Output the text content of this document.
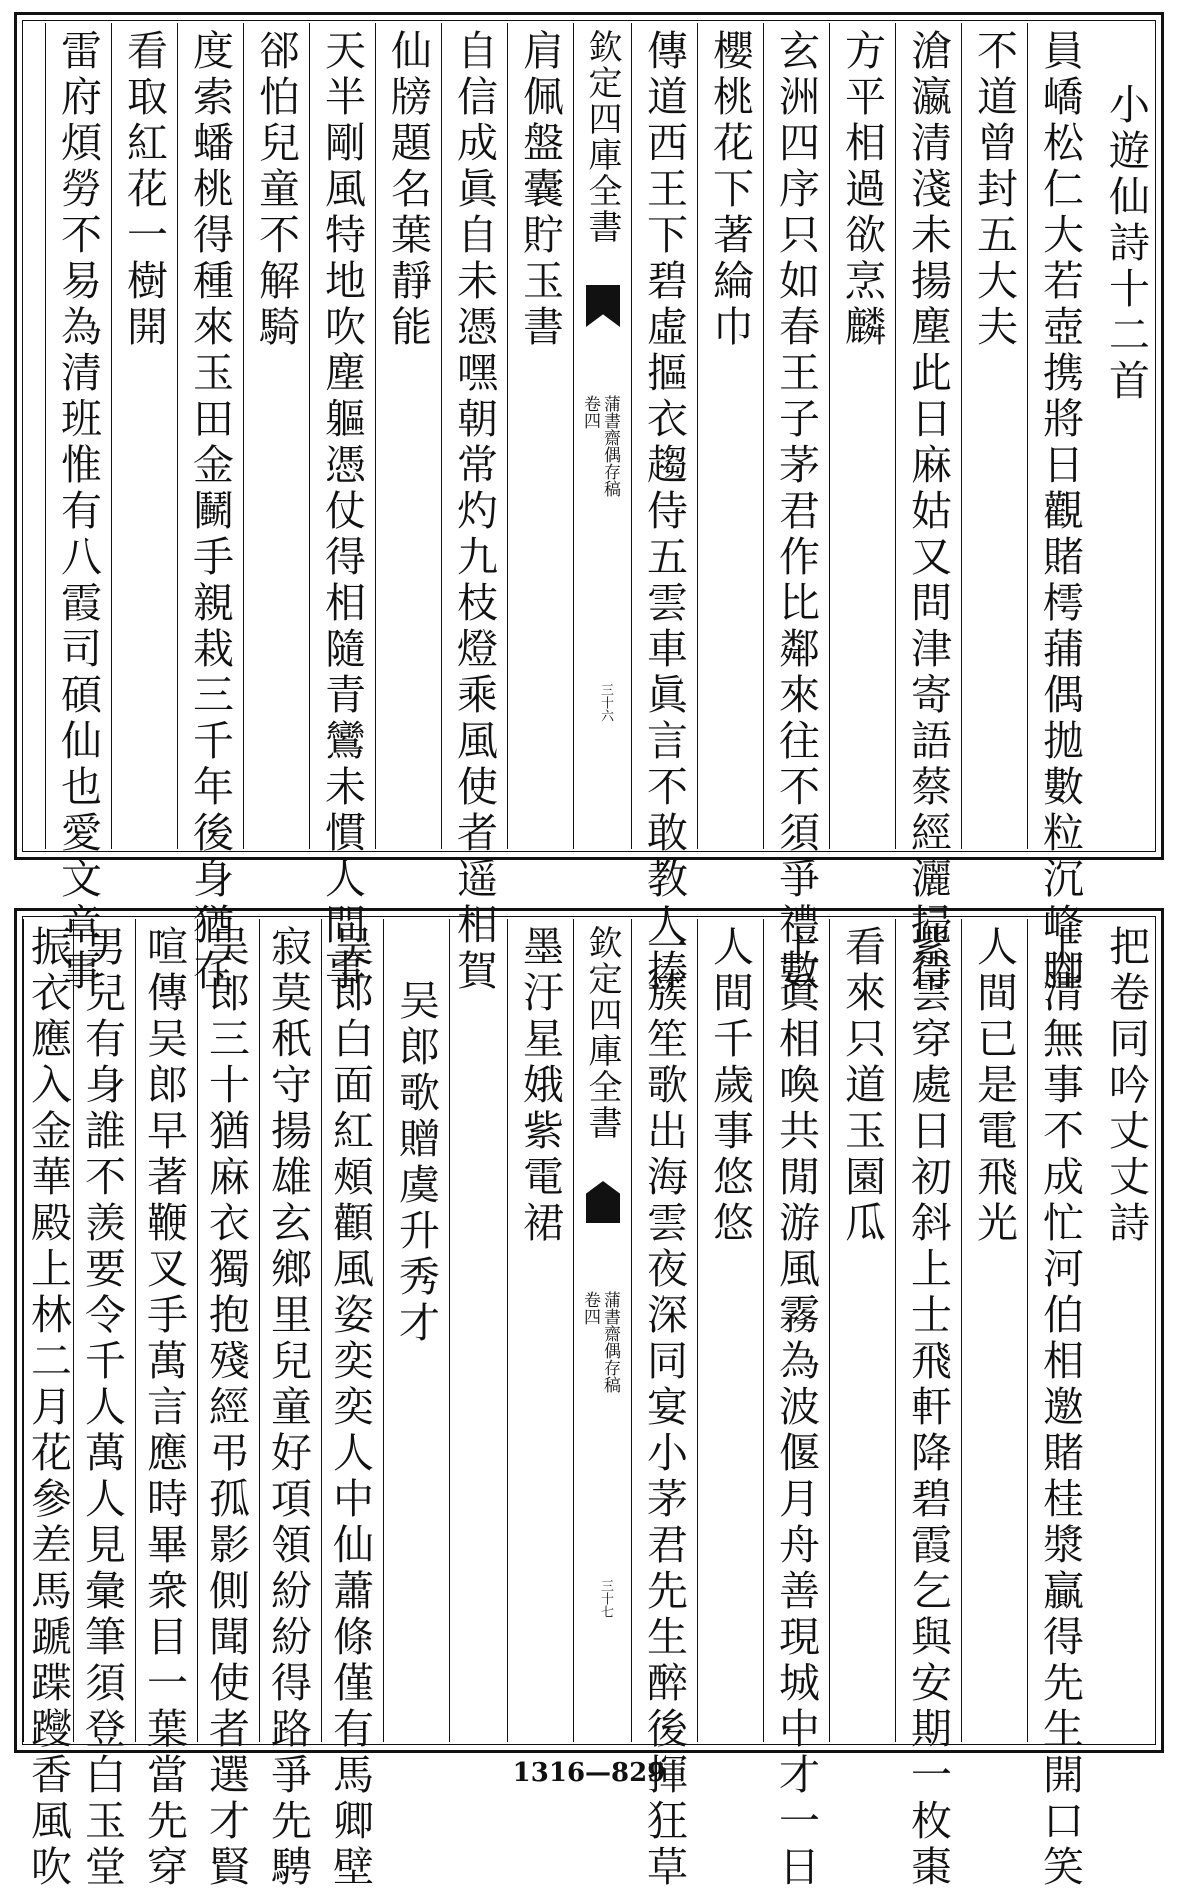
小遊仙詩十二首
員嶠松仁大若壺携將日觀賭樗蒱偶拋數粒沉峰腳
不道曾封五大夫
滄瀛清淺未揚塵此日麻姑又問津寄語蔡經灑掃待
方平相過欲烹麟
玄洲四序只如春王子茅君作比鄰來往不須爭禮數
櫻桃花下著綸巾
傳道西王下碧虛摳衣趨侍五雲車眞言不敢教人捧
欽定四庫全書
蒲書齋偶存稿
卷四
三十六
肩佩盤囊貯玉書
自信成眞自未憑嘿朝常灼九枝燈乘風使者遥相賀
仙牓題名葉靜能
天半剛風特地吹塵軀憑仗得相隨青鸞未慣人間事
郤怕兒童不解騎
度索蟠桃得種來玉田金鬭手親栽三千年後身猶在
看取紅花一樹開
雷府煩勞不易為清班惟有八霞司碩仙也愛文章事
把卷同吟丈丈詩
上清無事不成忙河伯相邀賭桂漿贏得先生開口笑
人間已是電飛光
紫雲穿處日初斜上士飛軒降碧霞乞與安期一枚棗
看來只道玉園瓜
上眞相喚共閒游風霧為波偃月舟善現城中才一日
人間千歲事悠悠
一簇笙歌出海雲夜深同宴小茅君先生醉後揮狂草
欽定四庫全書
蒲書齋偶存稿
卷四
三十七
墨汙星娥紫電裙
吴郎歌贈虞升秀才
吴郎白面紅頰顴風姿奕奕人中仙蕭條僅有馬卿壁
寂莫秖守揚雄玄鄉里兒童好項領紛紛得路爭先騁
吴郎三十猶麻衣獨抱殘經弔孤影側聞使者選才賢
喧傳吴郎早著鞭叉手萬言應時畢衆目一葉當先穿
男兒有身誰不羡要令千人萬人見彙筆須登白玉堂
振衣應入金華殿上林二月花參差馬蹏蹀躞香風吹	1316—829
